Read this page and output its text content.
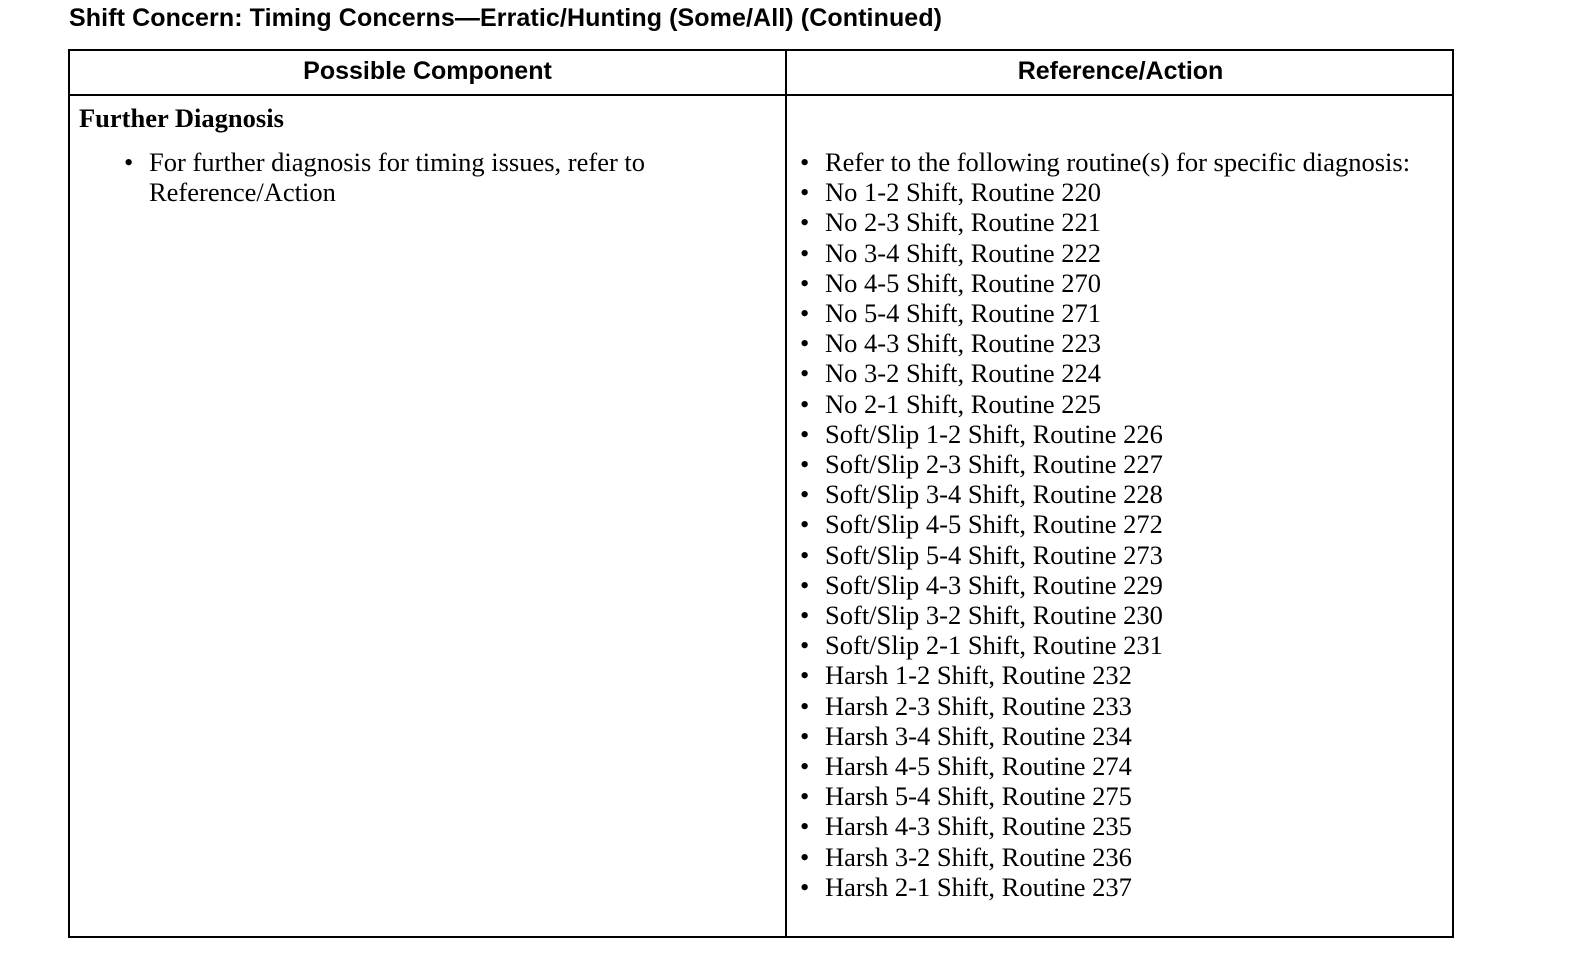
Shift Concern: Timing Concerns—Erratic/Hunting (Some/All) (Continued)
Possible Component	Reference/Action
Further Diagnosis
• For further diagnosis for timing issues, refer to Reference/Action
• Refer to the following routine(s) for specific diagnosis:
• No 1-2 Shift, Routine 220
• No 2-3 Shift, Routine 221
• No 3-4 Shift, Routine 222
• No 4-5 Shift, Routine 270
• No 5-4 Shift, Routine 271
• No 4-3 Shift, Routine 223
• No 3-2 Shift, Routine 224
• No 2-1 Shift, Routine 225
• Soft/Slip 1-2 Shift, Routine 226
• Soft/Slip 2-3 Shift, Routine 227
• Soft/Slip 3-4 Shift, Routine 228
• Soft/Slip 4-5 Shift, Routine 272
• Soft/Slip 5-4 Shift, Routine 273
• Soft/Slip 4-3 Shift, Routine 229
• Soft/Slip 3-2 Shift, Routine 230
• Soft/Slip 2-1 Shift, Routine 231
• Harsh 1-2 Shift, Routine 232
• Harsh 2-3 Shift, Routine 233
• Harsh 3-4 Shift, Routine 234
• Harsh 4-5 Shift, Routine 274
• Harsh 5-4 Shift, Routine 275
• Harsh 4-3 Shift, Routine 235
• Harsh 3-2 Shift, Routine 236
• Harsh 2-1 Shift, Routine 237
